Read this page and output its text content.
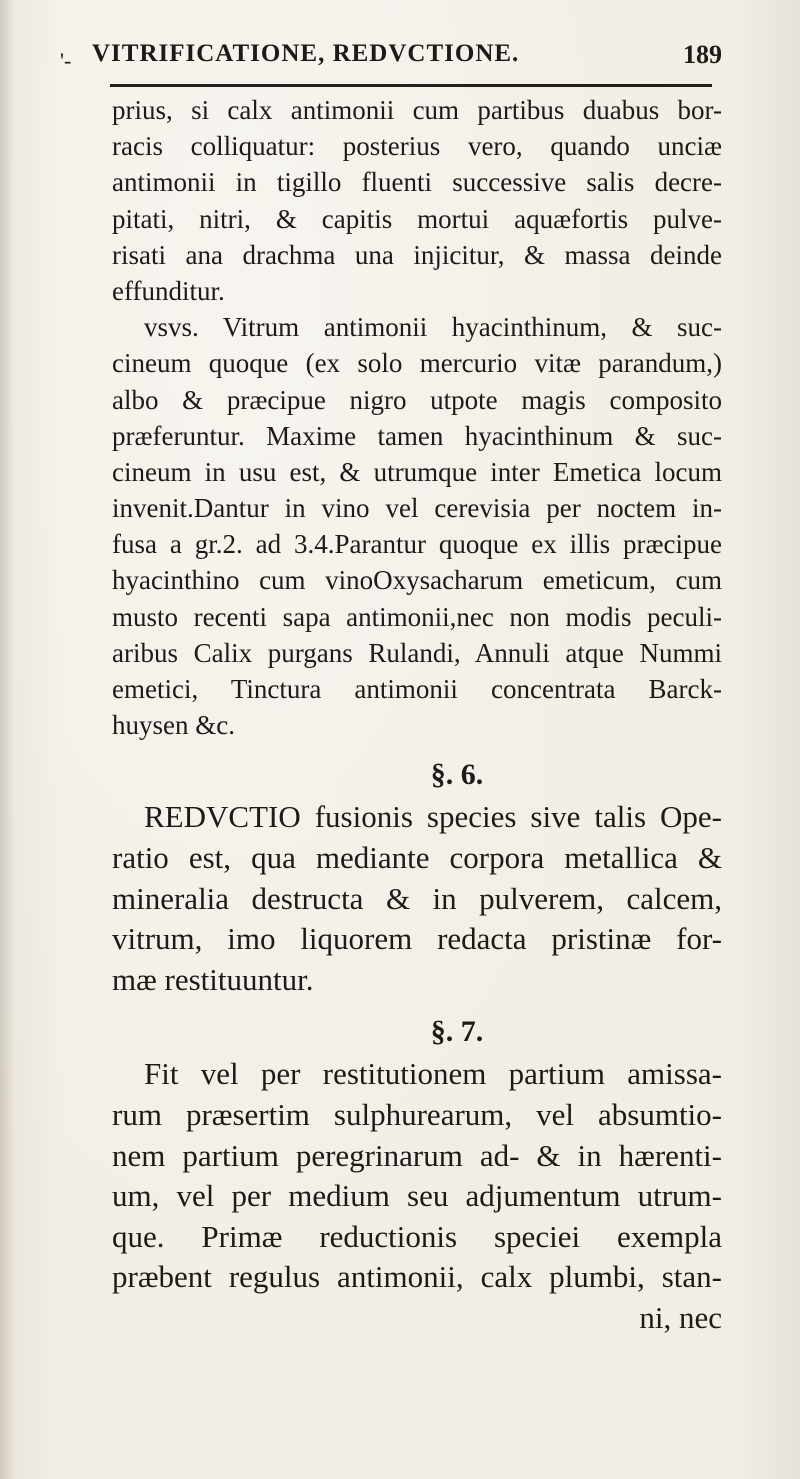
'- VITRIFICATIONE, REDVCTIONE.	189
prius, si calx antimonii cum partibus duabus bor-
racis colliquatur: posterius vero, quando unciæ
antimonii in tigillo fluenti successive salis decre-
pitati, nitri, & capitis mortui aquæfortis pulve-
risati ana drachma una injicitur, & massa deinde
effunditur.
vsvs. Vitrum antimonii hyacinthinum, & suc-
cineum quoque (ex solo mercurio vitæ parandum,)
albo & præcipue nigro utpote magis composito
præferuntur. Maxime tamen hyacinthinum & suc-
cineum in usu est, & utrumque inter Emetica locum
invenit.Dantur in vino vel cerevisia per noctem in-
fusa a gr.2. ad 3.4.Parantur quoque ex illis præcipue
hyacinthino cum vinoOxysacharum emeticum, cum
musto recenti sapa antimonii,nec non modis peculi-
aribus Calix purgans Rulandi, Annuli atque Nummi
emetici, Tinctura antimonii concentrata Barck-
huysen &c.
§. 6.
REDVCTIO fusionis species sive talis Ope-
ratio est, qua mediante corpora metallica &
mineralia destructa & in pulverem, calcem,
vitrum, imo liquorem redacta pristinæ for-
mæ restituuntur.
§. 7.
Fit vel per restitutionem partium amissa-
rum præsertim sulphurearum, vel absumtio-
nem partium peregrinarum ad- & in hærenti-
um, vel per medium seu adjumentum utrum-
que. Primæ reductionis speciei exempla
præbent regulus antimonii, calx plumbi, stan-
ni, nec
